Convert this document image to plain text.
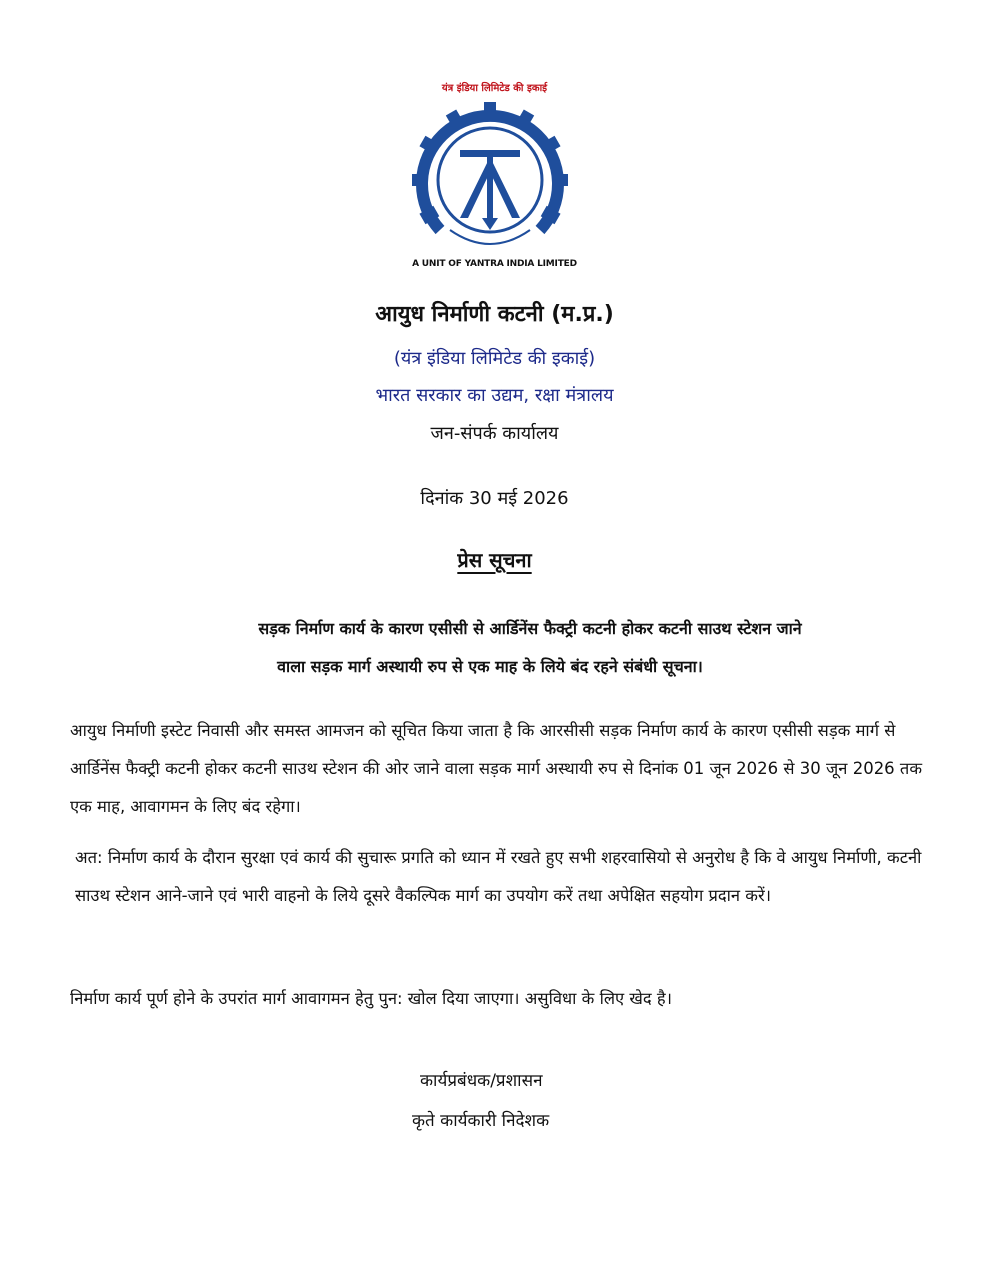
यंत्र इंडिया लिमिटेड की इकाई
A UNIT OF YANTRA INDIA LIMITED
आयुध निर्माणी कटनी (म.प्र.)
(यंत्र इंडिया लिमिटेड की इकाई)
भारत सरकार का उद्यम, रक्षा मंत्रालय
जन-संपर्क कार्यालय
दिनांक 30 मई 2026
प्रेस सूचना
सड़क निर्माण कार्य के कारण एसीसी से आर्डिनेंस फैक्ट्री कटनी होकर कटनी साउथ स्टेशन जाने
वाला सड़क मार्ग अस्थायी रुप से एक माह के लिये बंद रहने संबंधी सूचना।
आयुध निर्माणी इस्टेट निवासी और समस्त आमजन को सूचित किया जाता है कि आरसीसी सड़क निर्माण कार्य के कारण एसीसी सड़क मार्ग से आर्डिनेंस फैक्ट्री कटनी होकर कटनी साउथ स्टेशन की ओर जाने वाला सड़क मार्ग अस्थायी रुप से दिनांक 01 जून 2026 से 30 जून 2026 तक एक माह, आवागमन के लिए बंद रहेगा।
अत: निर्माण कार्य के दौरान सुरक्षा एवं कार्य की सुचारू प्रगति को ध्यान में रखते हुए सभी शहरवासियो से अनुरोध है कि वे आयुध निर्माणी, कटनी साउथ स्टेशन आने-जाने एवं भारी वाहनो के लिये दूसरे वैकल्पिक मार्ग का उपयोग करें तथा अपेक्षित सहयोग प्रदान करें।
निर्माण कार्य पूर्ण होने के उपरांत मार्ग आवागमन हेतु पुन: खोल दिया जाएगा। असुविधा के लिए खेद है।
कार्यप्रबंधक/प्रशासन
कृते कार्यकारी निदेशक
